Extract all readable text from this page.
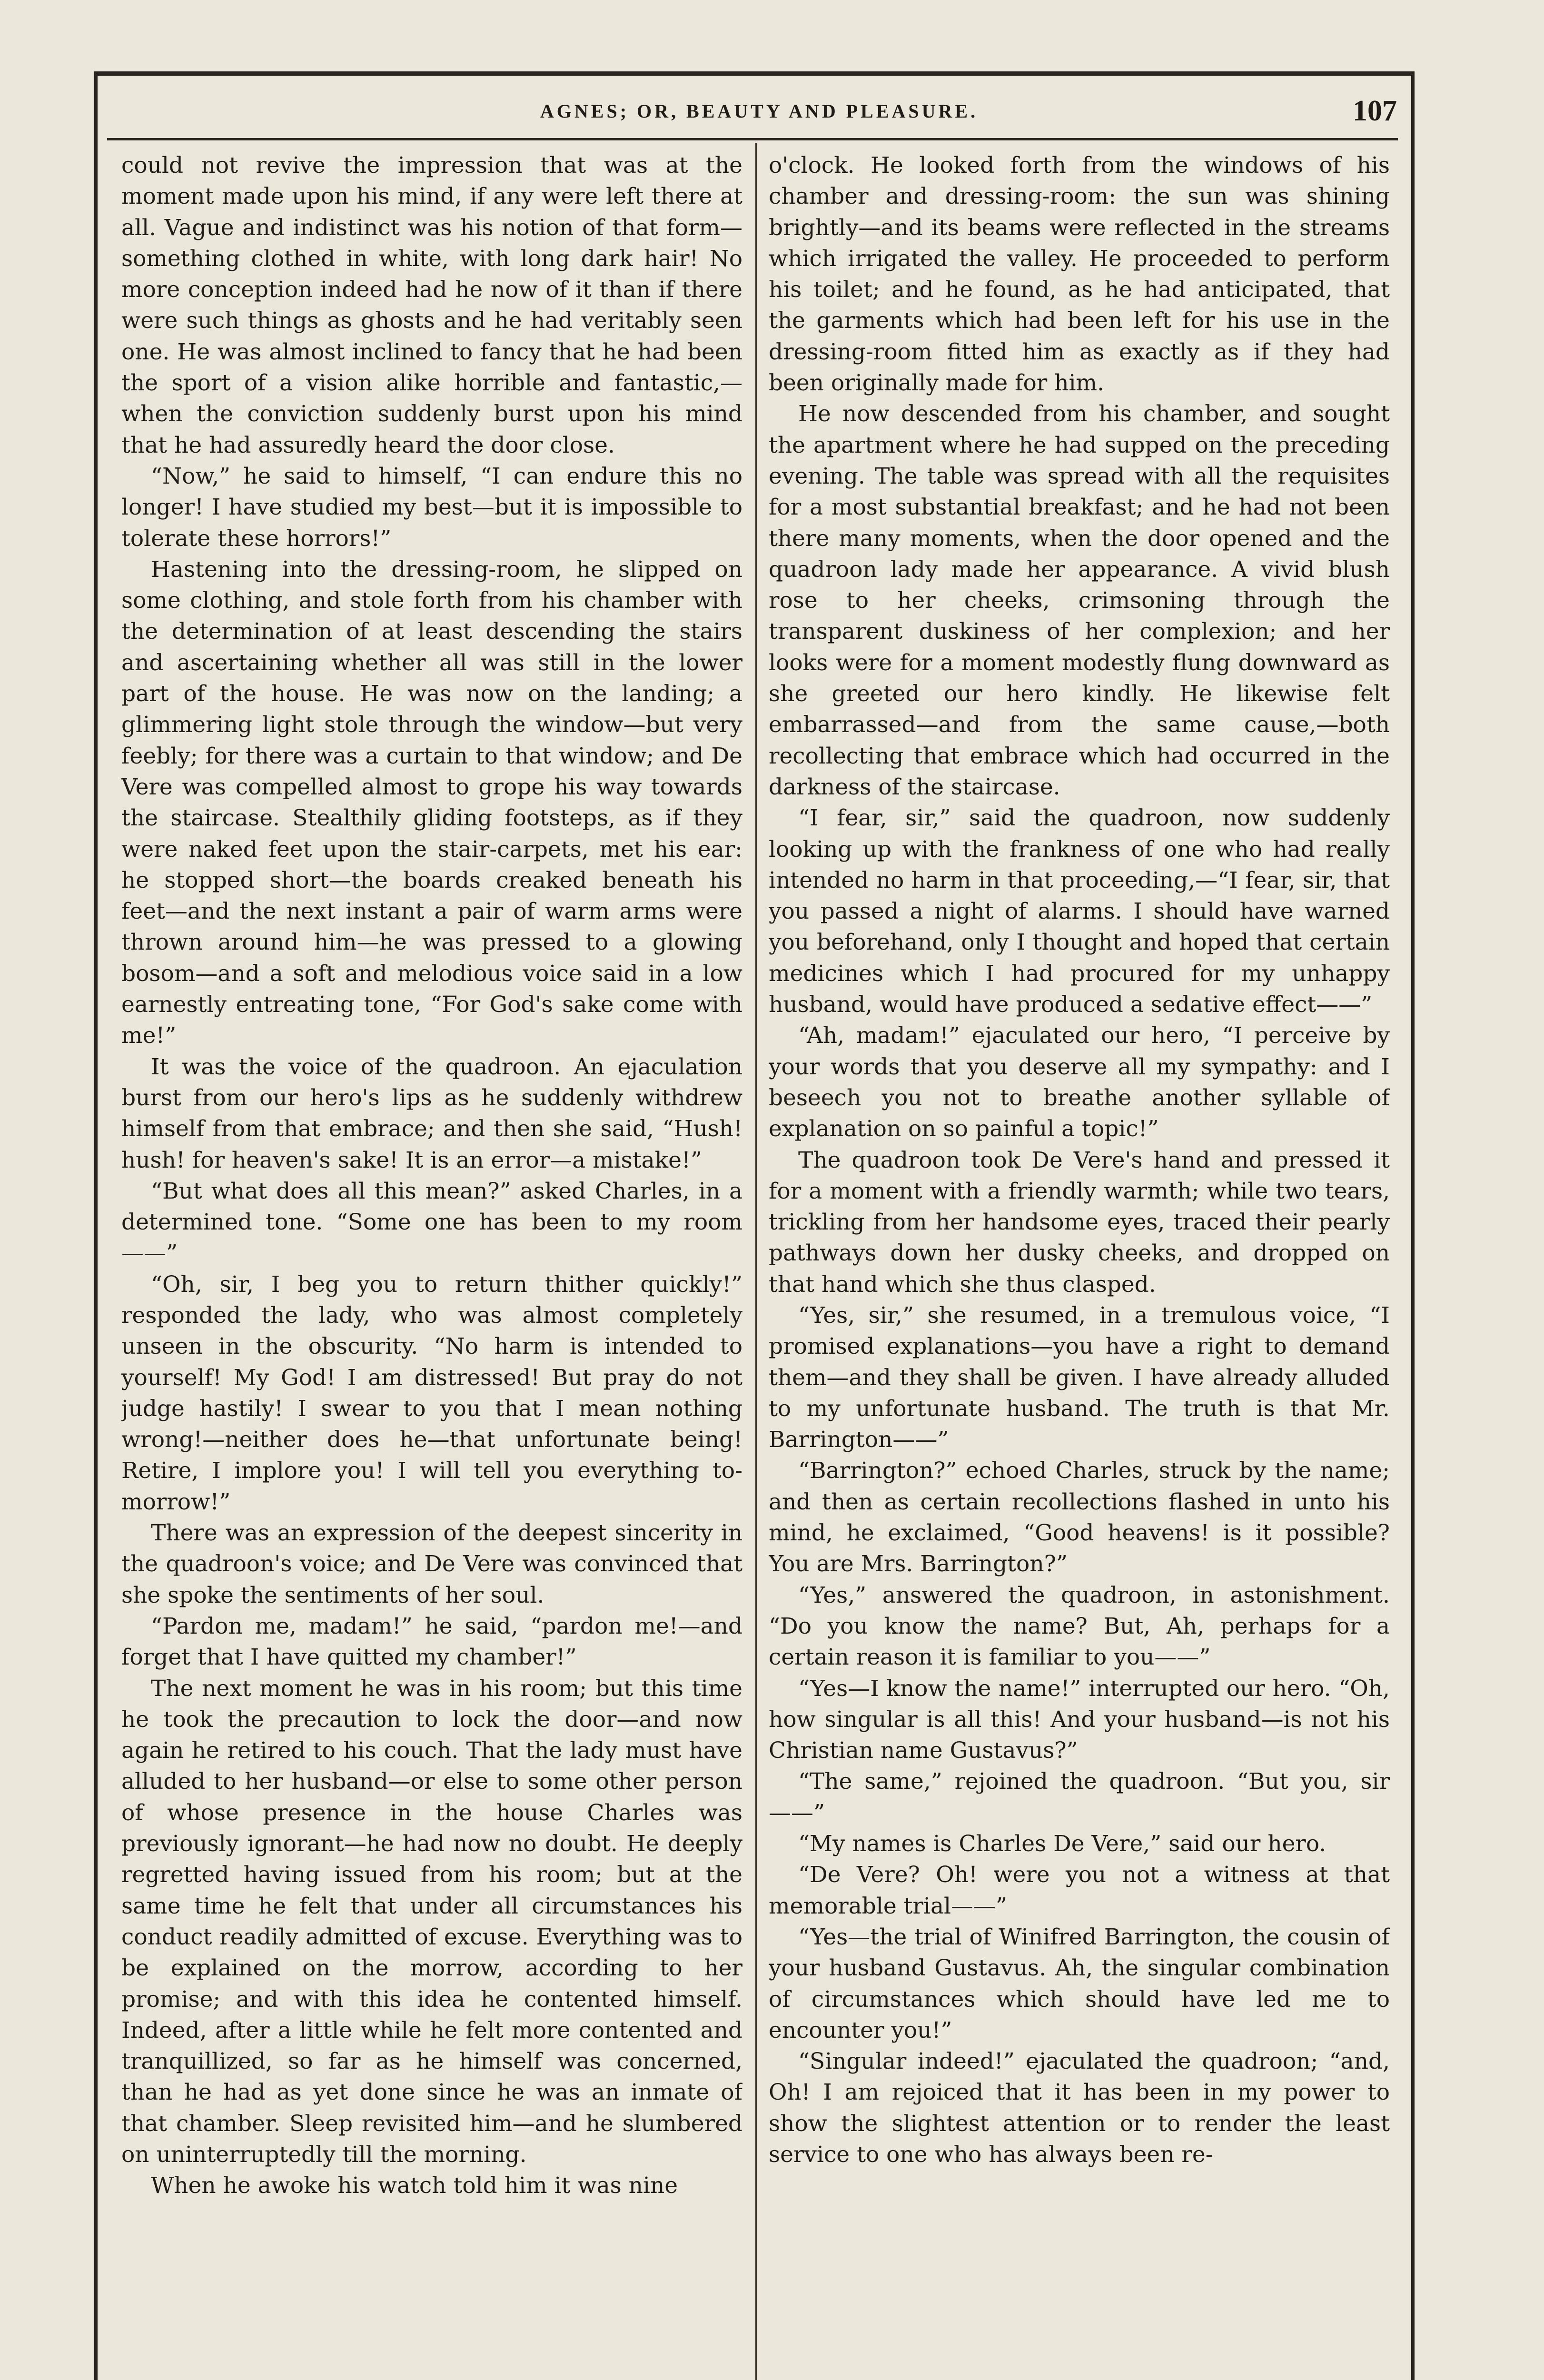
AGNES; OR, BEAUTY AND PLEASURE.	107

could not revive the impression that was at the moment made upon his mind, if any were left there at all. Vague and indistinct was his notion of that form—something clothed in white, with long dark hair! No more conception indeed had he now of it than if there were such things as ghosts and he had veritably seen one. He was almost inclined to fancy that he had been the sport of a vision alike horrible and fantastic,—when the conviction suddenly burst upon his mind that he had assuredly heard the door close.

“Now,” he said to himself, “I can endure this no longer! I have studied my best—but it is impossible to tolerate these horrors!”

Hastening into the dressing-room, he slipped on some clothing, and stole forth from his chamber with the determination of at least descending the stairs and ascertaining whether all was still in the lower part of the house. He was now on the landing; a glimmering light stole through the window—but very feebly; for there was a curtain to that window; and De Vere was compelled almost to grope his way towards the staircase. Stealthily gliding footsteps, as if they were naked feet upon the stair-carpets, met his ear: he stopped short—the boards creaked beneath his feet—and the next instant a pair of warm arms were thrown around him—he was pressed to a glowing bosom—and a soft and melodious voice said in a low earnestly entreating tone, “For God's sake come with me!”

It was the voice of the quadroon. An ejaculation burst from our hero's lips as he suddenly withdrew himself from that embrace; and then she said, “Hush! hush! for heaven's sake! It is an error—a mistake!”

“But what does all this mean?” asked Charles, in a determined tone. “Some one has been to my room——”

“Oh, sir, I beg you to return thither quickly!” responded the lady, who was almost completely unseen in the obscurity. “No harm is intended to yourself! My God! I am distressed! But pray do not judge hastily! I swear to you that I mean nothing wrong!—neither does he—that unfortunate being! Retire, I implore you! I will tell you everything to-morrow!”

There was an expression of the deepest sincerity in the quadroon's voice; and De Vere was convinced that she spoke the sentiments of her soul.

“Pardon me, madam!” he said, “pardon me!—and forget that I have quitted my chamber!”

The next moment he was in his room; but this time he took the precaution to lock the door—and now again he retired to his couch. That the lady must have alluded to her husband—or else to some other person of whose presence in the house Charles was previously ignorant—he had now no doubt. He deeply regretted having issued from his room; but at the same time he felt that under all circumstances his conduct readily admitted of excuse. Everything was to be explained on the morrow, according to her promise; and with this idea he contented himself. Indeed, after a little while he felt more contented and tranquillized, so far as he himself was concerned, than he had as yet done since he was an inmate of that chamber. Sleep revisited him—and he slumbered on uninterruptedly till the morning.

When he awoke his watch told him it was nine

o'clock. He looked forth from the windows of his chamber and dressing-room: the sun was shining brightly—and its beams were reflected in the streams which irrigated the valley. He proceeded to perform his toilet; and he found, as he had anticipated, that the garments which had been left for his use in the dressing-room fitted him as exactly as if they had been originally made for him.

He now descended from his chamber, and sought the apartment where he had supped on the preceding evening. The table was spread with all the requisites for a most substantial breakfast; and he had not been there many moments, when the door opened and the quadroon lady made her appearance. A vivid blush rose to her cheeks, crimsoning through the transparent duskiness of her complexion; and her looks were for a moment modestly flung downward as she greeted our hero kindly. He likewise felt embarrassed—and from the same cause,—both recollecting that embrace which had occurred in the darkness of the staircase.

“I fear, sir,” said the quadroon, now suddenly looking up with the frankness of one who had really intended no harm in that proceeding,—“I fear, sir, that you passed a night of alarms. I should have warned you beforehand, only I thought and hoped that certain medicines which I had procured for my unhappy husband, would have produced a sedative effect——”

“Ah, madam!” ejaculated our hero, “I perceive by your words that you deserve all my sympathy: and I beseech you not to breathe another syllable of explanation on so painful a topic!”

The quadroon took De Vere's hand and pressed it for a moment with a friendly warmth; while two tears, trickling from her handsome eyes, traced their pearly pathways down her dusky cheeks, and dropped on that hand which she thus clasped.

“Yes, sir,” she resumed, in a tremulous voice, “I promised explanations—you have a right to demand them—and they shall be given. I have already alluded to my unfortunate husband. The truth is that Mr. Barrington——”

“Barrington?” echoed Charles, struck by the name; and then as certain recollections flashed in unto his mind, he exclaimed, “Good heavens! is it possible? You are Mrs. Barrington?”

“Yes,” answered the quadroon, in astonishment. “Do you know the name? But, Ah, perhaps for a certain reason it is familiar to you——”

“Yes—I know the name!” interrupted our hero. “Oh, how singular is all this! And your husband—is not his Christian name Gustavus?”

“The same,” rejoined the quadroon. “But you, sir——”

“My names is Charles De Vere,” said our hero.

“De Vere? Oh! were you not a witness at that memorable trial——”

“Yes—the trial of Winifred Barrington, the cousin of your husband Gustavus. Ah, the singular combination of circumstances which should have led me to encounter you!”

“Singular indeed!” ejaculated the quadroon; “and, Oh! I am rejoiced that it has been in my power to show the slightest attention or to render the least service to one who has always been re-
